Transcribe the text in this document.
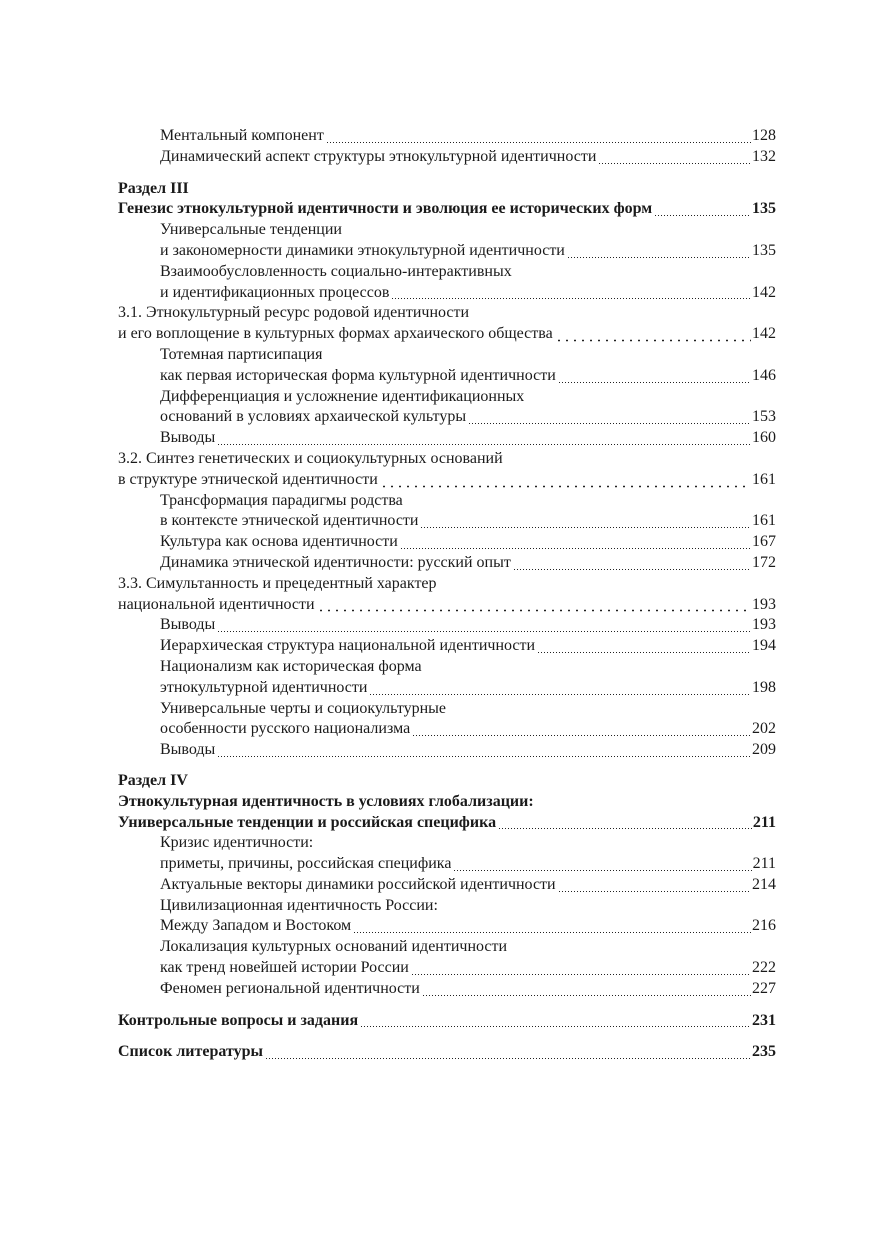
Ментальный компонент	128
Динамический аспект структуры этнокультурной идентичности	132
Раздел III
Генезис этнокультурной идентичности и эволюция ее исторических форм	135
Универсальные тенденции
и закономерности динамики этнокультурной идентичности	135
Взаимообусловленность социально-интерактивных
и идентификационных процессов	142
3.1. Этнокультурный ресурс родовой идентичности
и его воплощение в культурных формах архаического общества	142
Тотемная партисипация
как первая историческая форма культурной идентичности	146
Дифференциация и усложнение идентификационных
оснований в условиях архаической культуры	153
Выводы	160
3.2. Синтез генетических и социокультурных оснований
в структуре этнической идентичности	161
Трансформация парадигмы родства
в контексте этнической идентичности	161
Культура как основа идентичности	167
Динамика этнической идентичности: русский опыт	172
3.3. Симультанность и прецедентный характер
национальной идентичности	193
Выводы	193
Иерархическая структура национальной идентичности	194
Национализм как историческая форма
этнокультурной идентичности	198
Универсальные черты и социокультурные
особенности русского национализма	202
Выводы	209
Раздел IV
Этнокультурная идентичность в условиях глобализации:
Универсальные тенденции и российская специфика	211
Кризис идентичности:
приметы, причины, российская специфика	211
Актуальные векторы динамики российской идентичности	214
Цивилизационная идентичность России:
Между Западом и Востоком	216
Локализация культурных оснований идентичности
как тренд новейшей истории России	222
Феномен региональной идентичности	227
Контрольные вопросы и задания	231
Список литературы	235
